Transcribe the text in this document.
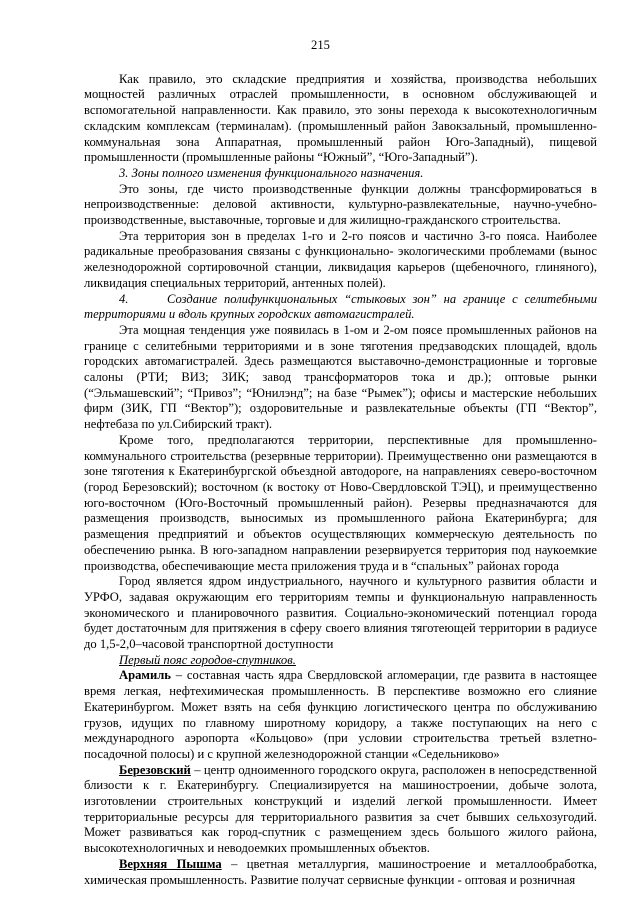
215

Как правило, это складские предприятия и хозяйства, производства небольших мощностей различных отраслей промышленности, в основном обслуживающей и вспомогательной направленности. Как правило, это зоны перехода к высокотехнологичным складским комплексам (терминалам). (промышленный район Завокзальный, промышленно-коммунальная зона Аппаратная, промышленный район Юго-Западный), пищевой промышленности (промышленные районы “Южный”, “Юго-Западный”).

3. Зоны полного изменения функционального назначения.

Это зоны, где чисто производственные функции должны трансформироваться в непроизводственные: деловой активности, культурно-развлекательные, научно-учебно-производственные, выставочные, торговые и для жилищно-гражданского строительства.

Эта территория зон в пределах 1-го и 2-го поясов и частично 3-го пояса. Наиболее радикальные преобразования связаны с функционально- экологическими проблемами (вынос железнодорожной сортировочной станции, ликвидация карьеров (щебеночного, глиняного), ликвидация специальных территорий, антенных полей).

4.	Создание полифункциональных “стыковых зон” на границе с селитебными территориями и вдоль крупных городских автомагистралей.

Эта мощная тенденция уже появилась в 1-ом и 2-ом поясе промышленных районов на границе с селитебными территориями и в зоне тяготения предзаводских площадей, вдоль городских автомагистралей. Здесь размещаются выставочно-демонстрационные и торговые салоны (РТИ; ВИЗ; ЗИК; завод трансформаторов тока и др.); оптовые рынки (“Эльмашевский”; “Привоз”; “Юнилэнд”; на базе “Рымек”); офисы и мастерские небольших фирм (ЗИК, ГП “Вектор”); оздоровительные и развлекательные объекты (ГП “Вектор”, нефтебаза по ул.Сибирский тракт).

Кроме того, предполагаются территории, перспективные для промышленно-коммунального строительства (резервные территории). Преимущественно они размещаются в зоне тяготения к Екатеринбургской объездной автодороге, на направлениях северо-восточном (город Березовский); восточном (к востоку от Ново-Свердловской ТЭЦ), и преимущественно юго-восточном (Юго-Восточный промышленный район). Резервы предназначаются для размещения производств, выносимых из промышленного района Екатеринбурга; для размещения предприятий и объектов осуществляющих коммерческую деятельность по обеспечению рынка. В юго-западном направлении резервируется территория под наукоемкие производства, обеспечивающие места приложения труда и в “спальных” районах города

Город является ядром индустриального, научного и культурного развития области и УРФО, задавая окружающим его территориям темпы и функциональную направленность экономического и планировочного развития. Социально-экономический потенциал города будет достаточным для притяжения в сферу своего влияния тяготеющей территории в радиусе до 1,5-2,0–часовой транспортной доступности

Первый пояс городов-спутников.

Арамиль – составная часть ядра Свердловской агломерации, где развита в настоящее время легкая, нефтехимическая промышленность. В перспективе возможно его слияние Екатеринбургом. Может взять на себя функцию логистического центра по обслуживанию грузов, идущих по главному широтному коридору, а также поступающих на него с международного аэропорта «Кольцово» (при условии строительства третьей взлетно-посадочной полосы) и с крупной железнодорожной станции «Седельниково»

Березовский – центр одноименного городского округа, расположен в непосредственной близости к г. Екатеринбургу. Специализируется на машиностроении, добыче золота, изготовлении строительных конструкций и изделий легкой промышленности. Имеет территориальные ресурсы для территориального развития за счет бывших сельхозугодий. Может развиваться как город-спутник с размещением здесь большого жилого района, высокотехнологичных и неводоемких промышленных объектов.

Верхняя Пышма – цветная металлургия, машиностроение и металлообработка, химическая промышленность. Развитие получат сервисные функции - оптовая и розничная
